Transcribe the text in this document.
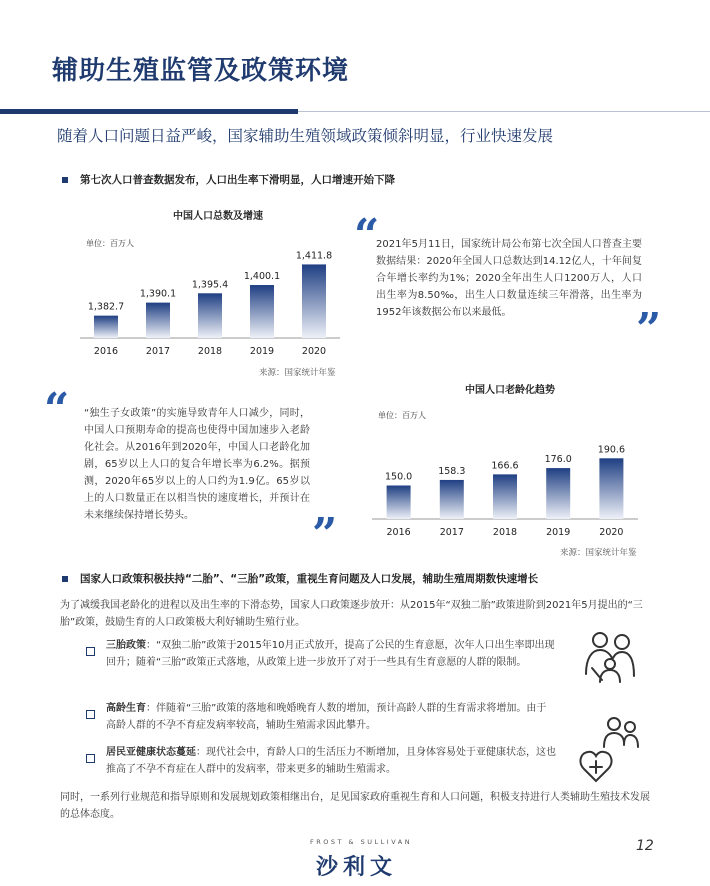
辅助生殖监管及政策环境
随着人口问题日益严峻，国家辅助生殖领域政策倾斜明显，行业快速发展
第七次人口普查数据发布，人口出生率下滑明显，人口增速开始下降
中国人口总数及增速
单位：百万人
1,382.7
2016
1,390.1
2017
1,395.4
2018
1,400.1
2019
1,411.8
2020
来源：国家统计年鉴
“
2021年5月11日，国家统计局公布第七次全国人口普查主要数据结果：2020年全国人口总数达到14.12亿人，十年间复合年增长率约为1%；2020全年出生人口1200万人，人口出生率为8.50‰，出生人口数量连续三年滑落，出生率为1952年该数据公布以来最低。	”
“ “独生子女政策”的实施导致青年人口减少，同时，中国人口预期寿命的提高也使得中国加速步入老龄化社会。从2016年到2020年，中国人口老龄化加剧，65岁以上人口的复合年增长率为6.2%。据预测，2020年65岁以上的人口约为1.9亿。65岁以上的人口数量正在以相当快的速度增长，并预计在未来继续保持增长势头。	”
中国人口老龄化趋势
单位：百万人
150.0
2016
158.3
2017
166.6
2018
176.0
2019
190.6
2020
来源：国家统计年鉴
国家人口政策积极扶持“二胎”、“三胎”政策，重视生育问题及人口发展，辅助生殖周期数快速增长
为了减缓我国老龄化的进程以及出生率的下滑态势，国家人口政策逐步放开：从2015年“双独二胎”政策进阶到2021年5月提出的“三胎”政策，鼓励生育的人口政策极大利好辅助生殖行业。
三胎政策：“双独二胎”政策于2015年10月正式放开，提高了公民的生育意愿，次年人口出生率即出现回升；随着“三胎”政策正式落地，从政策上进一步放开了对于一些具有生育意愿的人群的限制。
高龄生育：伴随着“三胎”政策的落地和晚婚晚育人数的增加，预计高龄人群的生育需求将增加。由于高龄人群的不孕不育症发病率较高，辅助生殖需求因此攀升。
居民亚健康状态蔓延：现代社会中，育龄人口的生活压力不断增加，且身体容易处于亚健康状态，这也推高了不孕不育症在人群中的发病率，带来更多的辅助生殖需求。
同时，一系列行业规范和指导原则和发展规划政策相继出台，足见国家政府重视生育和人口问题，积极支持进行人类辅助生殖技术发展的总体态度。
FROST & SULLIVAN
沙利文
12
